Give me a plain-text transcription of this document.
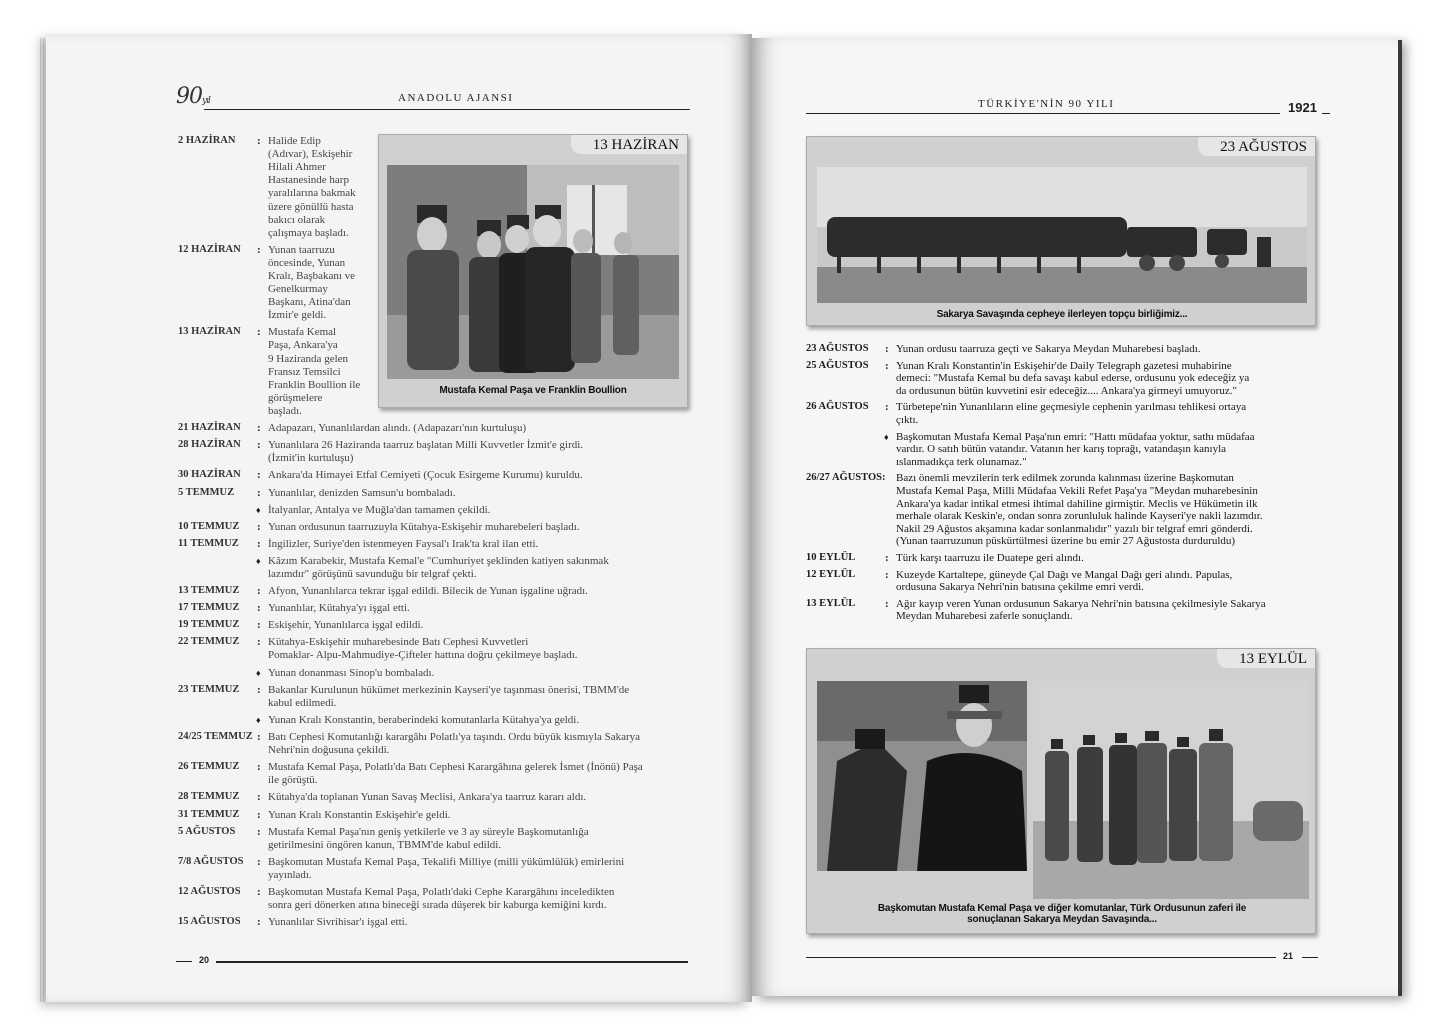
90yıl	ANADOLU AJANSI
2 HAZİRAN	: Halide Edip
(Adıvar), Eskişehir
Hilali Ahmer
Hastanesinde harp
yaralılarına bakmak
üzere gönüllü hasta
bakıcı olarak
çalışmaya başladı.
12 HAZİRAN	: Yunan taarruzu
öncesinde, Yunan
Kralı, Başbakanı ve
Genelkurmay
Başkanı, Atina'dan
İzmir'e geldi.
13 HAZİRAN	: Mustafa Kemal
Paşa, Ankara'ya
9 Haziranda gelen
Fransız Temsilci
Franklin Boullion ile
görüşmelere
başladı.
21 HAZİRAN	: Adapazarı, Yunanlılardan alındı. (Adapazarı'nın kurtuluşu)
28 HAZİRAN	: Yunanlılara 26 Haziranda taarruz başlatan Milli Kuvvetler İzmit'e girdi.
(İzmit'in kurtuluşu)
30 HAZİRAN	: Ankara'da Himayei Etfal Cemiyeti (Çocuk Esirgeme Kurumu) kuruldu.
5 TEMMUZ	: Yunanlılar, denizden Samsun'u bombaladı.
♦ İtalyanlar, Antalya ve Muğla'dan tamamen çekildi.
10 TEMMUZ	: Yunan ordusunun taarruzuyla Kütahya-Eskişehir muharebeleri başladı.
11 TEMMUZ	: İngilizler, Suriye'den istenmeyen Faysal'ı Irak'ta kral ilan etti.
♦ Kâzım Karabekir, Mustafa Kemal'e "Cumhuriyet şeklinden katiyen sakınmak
lazımdır" görüşünü savunduğu bir telgraf çekti.
13 TEMMUZ	: Afyon, Yunanlılarca tekrar işgal edildi. Bilecik de Yunan işgaline uğradı.
17 TEMMUZ	: Yunanlılar, Kütahya'yı işgal etti.
19 TEMMUZ	: Eskişehir, Yunanlılarca işgal edildi.
22 TEMMUZ	: Kütahya-Eskişehir muharebesinde Batı Cephesi Kuvvetleri
Pomaklar- Alpu-Mahmudiye-Çifteler hattına doğru çekilmeye başladı.
♦ Yunan donanması Sinop'u bombaladı.
23 TEMMUZ	: Bakanlar Kurulunun hükümet merkezinin Kayseri'ye taşınması önerisi, TBMM'de
kabul edilmedi.
♦ Yunan Kralı Konstantin, beraberindeki komutanlarla Kütahya'ya geldi.
24/25 TEMMUZ : Batı Cephesi Komutanlığı karargâhı Polatlı'ya taşındı. Ordu büyük kısmıyla Sakarya
Nehri'nin doğusuna çekildi.
26 TEMMUZ	: Mustafa Kemal Paşa, Polatlı'da Batı Cephesi Karargâhına gelerek İsmet (İnönü) Paşa
ile görüştü.
28 TEMMUZ	: Kütahya'da toplanan Yunan Savaş Meclisi, Ankara'ya taarruz kararı aldı.
31 TEMMUZ	: Yunan Kralı Konstantin Eskişehir'e geldi.
5 AĞUSTOS	: Mustafa Kemal Paşa'nın geniş yetkilerle ve 3 ay süreyle Başkomutanlığa
getirilmesini öngören kanun, TBMM'de kabul edildi.
7/8 AĞUSTOS	: Başkomutan Mustafa Kemal Paşa, Tekalifi Milliye (milli yükümlülük) emirlerini
yayınladı.
12 AĞUSTOS	: Başkomutan Mustafa Kemal Paşa, Polatlı'daki Cephe Karargâhını inceledikten
sonra geri dönerken atına bineceği sırada düşerek bir kaburga kemiğini kırdı.
15 AĞUSTOS	: Yunanlılar Sivrihisar'ı işgal etti.
13 HAZİRAN
Mustafa Kemal Paşa ve Franklin Boullion
20
TÜRKİYE'NİN 90 YILI	1921
23 AĞUSTOS
Sakarya Savaşında cepheye ilerleyen topçu birliğimiz...
23 AĞUSTOS	: Yunan ordusu taarruza geçti ve Sakarya Meydan Muharebesi başladı.
25 AĞUSTOS	: Yunan Kralı Konstantin'in Eskişehir'de Daily Telegraph gazetesi muhabirine
demeci: "Mustafa Kemal bu defa savaşı kabul ederse, ordusunu yok edeceğiz ya
da ordusunun bütün kuvvetini esir edeceğiz.... Ankara'ya girmeyi umuyoruz."
26 AĞUSTOS	: Türbetepe'nin Yunanlıların eline geçmesiyle cephenin yarılması tehlikesi ortaya
çıktı.
♦ Başkomutan Mustafa Kemal Paşa'nın emri: "Hattı müdafaa yoktur, sathı müdafaa
vardır. O satıh bütün vatandır. Vatanın her karış toprağı, vatandaşın kanıyla
ıslanmadıkça terk olunamaz."
26/27 AĞUSTOS: Bazı önemli mevzilerin terk edilmek zorunda kalınması üzerine Başkomutan
Mustafa Kemal Paşa, Milli Müdafaa Vekili Refet Paşa'ya "Meydan muharebesinin
Ankara'ya kadar intikal etmesi ihtimal dahiline girmiştir. Meclis ve Hükümetin ilk
merhale olarak Keskin'e, ondan sonra zorunluluk halinde Kayseri'ye nakli lazımdır.
Nakil 29 Ağustos akşamına kadar sonlanmalıdır" yazılı bir telgraf emri gönderdi.
(Yunan taarruzunun püskürtülmesi üzerine bu emir 27 Ağustosta durduruldu)
10 EYLÜL	: Türk karşı taarruzu ile Duatepe geri alındı.
12 EYLÜL	: Kuzeyde Kartaltepe, güneyde Çal Dağı ve Mangal Dağı geri alındı. Papulas,
ordusuna Sakarya Nehri'nin batısına çekilme emri verdi.
13 EYLÜL	: Ağır kayıp veren Yunan ordusunun Sakarya Nehri'nin batısına çekilmesiyle Sakarya
Meydan Muharebesi zaferle sonuçlandı.
13 EYLÜL
Başkomutan Mustafa Kemal Paşa ve diğer komutanlar, Türk Ordusunun zaferi ile
sonuçlanan Sakarya Meydan Savaşında...
21
